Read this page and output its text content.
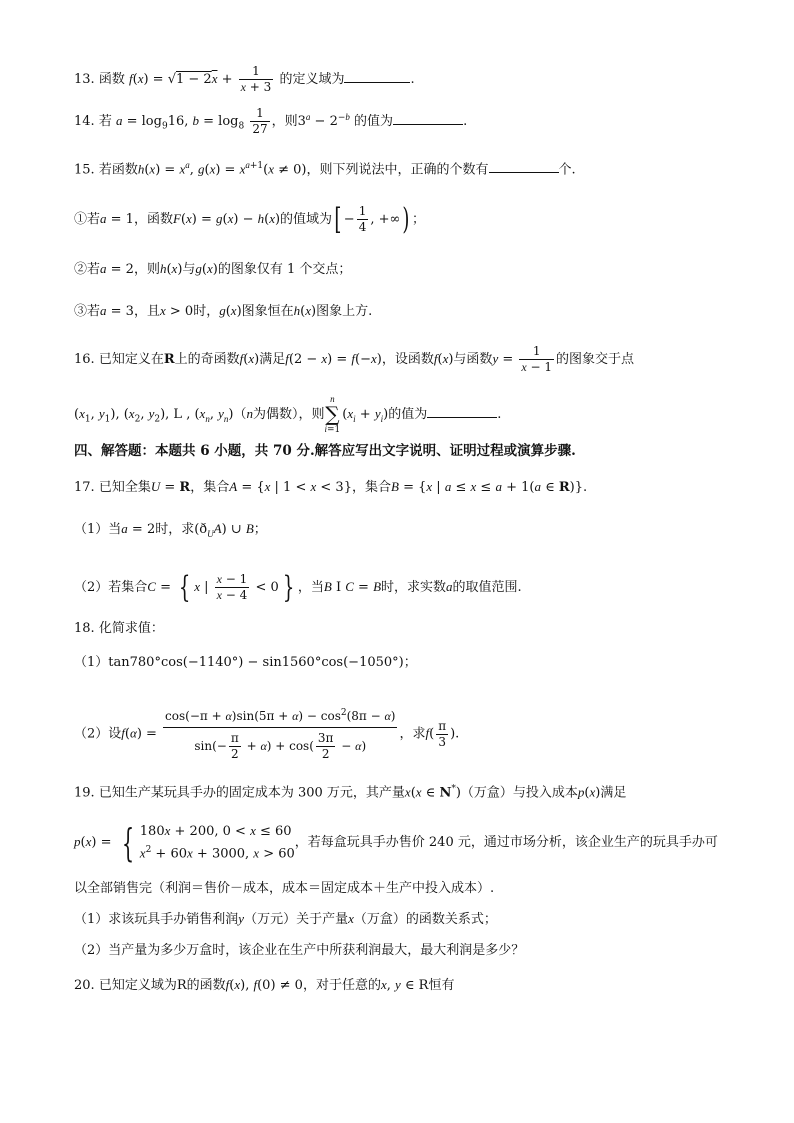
13. 函数 $f(x) = √1 - 2x + \frac{1}{x + 3}$ 的定义域为	.
14. 若 $a = \log_916$, $b = \log_8 \frac{1}{27}$ ，则$3^a - 2^{-b}$ 的值为	.
15. 若函数$h(x) = x^a$, $g(x) = x^{a+1}(x \ne 0)$，则下列说法中，正确的个数有	个.
①若a = 1，函数F(x) = g(x) − h(x)的值域为[ − $\frac{1}{4}$ , +∞) ；
②若a = 2，则h(x)与g(x)的图象仅有 1 个交点；
③若a = 3，且x > 0时，g(x)图象恒在h(x)图象上方.
16. 已知定义在R上的奇函数f(x)满足f(2 − x) = f(−x)，设函数f(x)与函数$y = \frac{1}{x - 1}$ 的图象交于点
($x_1$, $y_1$), ($x_2$, $y_2$), L , ($x_n$, $y_n)(n$为偶数），则n
∑
$i=1(x_i + y_i)$的值为	.
四、解答题：本题共 6 小题，共 70 分.解答应写出文字说明、证明过程或演算步骤.
17. 已知全集U = R，集合A = {x | 1 < x < 3}，集合B = {x | a ≤ x ≤ a + 1(a ∈ R)}.
（1）当a = 2时，求$(ð_UA)$ ∪ B；
（2）若集合C = { x | $\frac{x - 1}{x - 4} < 0$ } ，当B I C = B时，求实数a的取值范围.
18. 化简求值：
（1）tan780°cos(−1140°) − sin1560°cos(−1050°)；
（2）设$f(\alpha) = \frac{\cos(-\pi + \alpha)\sin(5\pi + \alpha) - \cos^2(8\pi - \alpha)}{\sin(- \frac{\pi}{2} + \alpha) + \cos( \frac{3\pi}{2} - \alpha)}$ ，求$f( \frac{\pi}{3}$ ).
19. 已知生产某玩具手办的固定成本为 300 万元，其产量x(x ∈ N*)（万盒）与投入成本p(x)满足
p(x) = { 180x + 200, 0 < x ≤ 60
$x^2 + 60x + 3000$, x > 60，若每盒玩具手办售价 240 元，通过市场分析，该企业生产的玩具手办可
以全部销售完（利润＝售价－成本，成本＝固定成本＋生产中投入成本）.
（1）求该玩具手办销售利润y（万元）关于产量x（万盒）的函数关系式；
（2）当产量为多少万盒时，该企业在生产中所获利润最大，最大利润是多少？
20. 已知定义域为R的函数f(x), f(0) ≠ 0，对于任意的x, y ∈ R恒有
